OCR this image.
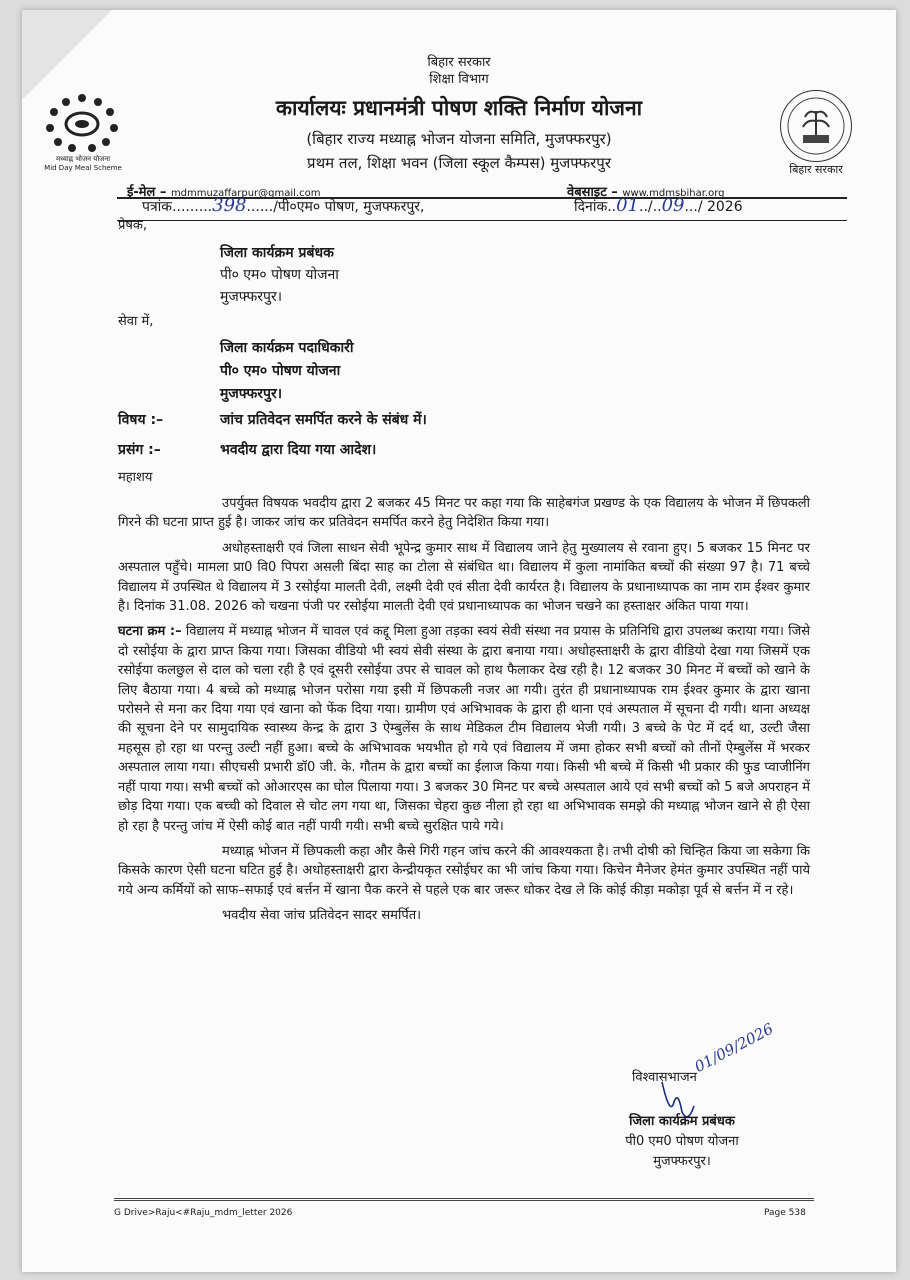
मध्याह्न भोजन योजना
Mid Day Meal Scheme	बिहार सरकार
बिहार सरकार
शिक्षा विभाग
कार्यालयः प्रधानमंत्री पोषण शक्ति निर्माण योजना
(बिहार राज्य मध्याह्न भोजन योजना समिति, मुजफ्फरपुर)
प्रथम तल, शिक्षा भवन (जिला स्कूल कैम्पस) मुजफ्फरपुर
ई-मेल – mdmmuzaffarpur@gmail.com	वेबसाइट – www.mdmsbihar.org
पत्रांक.........398....../पी०एम० पोषण, मुजफ्फरपुर,	दिनांक..01../..09.../ 2026
प्रेषक,
जिला कार्यक्रम प्रबंधक
पी० एम० पोषण योजना
मुजफ्फरपुर।
सेवा में,
जिला कार्यक्रम पदाधिकारी
पी० एम० पोषण योजना
मुजफ्फरपुर।
विषय :–	जांच प्रतिवेदन समर्पित करने के संबंध में।
प्रसंग :–	भवदीय द्वारा दिया गया आदेश।
महाशय

उपर्युक्त विषयक भवदीय द्वारा 2 बजकर 45 मिनट पर कहा गया कि साहेबगंज प्रखण्ड के एक विद्यालय के भोजन में छिपकली गिरने की घटना प्राप्त हुई है। जाकर जांच कर प्रतिवेदन समर्पित करने हेतु निदेशित किया गया।

अधोहस्ताक्षरी एवं जिला साधन सेवी भूपेन्द्र कुमार साथ में विद्यालय जाने हेतु मुख्यालय से रवाना हुए। 5 बजकर 15 मिनट पर अस्पताल पहुँचे। मामला प्रा0 वि0 पिपरा असली बिंदा साह का टोला से संबंधित था। विद्यालय में कुला नामांकित बच्चों की संख्या 97 है। 71 बच्चे विद्यालय में उपस्थित थे विद्यालय में 3 रसोईया मालती देवी, लक्ष्मी देवी एवं सीता देवी कार्यरत है। विद्यालय के प्रधानाध्यापक का नाम राम ईश्वर कुमार है। दिनांक 31.08. 2026 को चखना पंजी पर रसोईया मालती देवी एवं प्रधानाध्यापक का भोजन चखने का हस्ताक्षर अंकित पाया गया।

घटना क्रम :– विद्यालय में मध्याह्न भोजन में चावल एवं कद्दू मिला हुआ तड़का स्वयं सेवी संस्था नव प्रयास के प्रतिनिधि द्वारा उपलब्ध कराया गया। जिसे दो रसोईया के द्वारा प्राप्त किया गया। जिसका वीडियो भी स्वयं सेवी संस्था के द्वारा बनाया गया। अधोहस्ताक्षरी के द्वारा वीडियो देखा गया जिसमें एक रसोईया कलछुल से दाल को चला रही है एवं दूसरी रसोईया उपर से चावल को हाथ फैलाकर देख रही है। 12 बजकर 30 मिनट में बच्चों को खाने के लिए बैठाया गया। 4 बच्चे को मध्याह्न भोजन परोसा गया इसी में छिपकली नजर आ गयी। तुरंत ही प्रधानाध्यापक राम ईश्वर कुमार के द्वारा खाना परोसने से मना कर दिया गया एवं खाना को फेंक दिया गया। ग्रामीण एवं अभिभावक के द्वारा ही थाना एवं अस्पताल में सूचना दी गयी। थाना अध्यक्ष की सूचना देने पर सामुदायिक स्वास्थ्य केन्द्र के द्वारा 3 ऐम्बुलेंस के साथ मेडिकल टीम विद्यालय भेजी गयी। 3 बच्चे के पेट में दर्द था, उल्टी जैसा महसूस हो रहा था परन्तु उल्टी नहीं हुआ। बच्चे के अभिभावक भयभीत हो गये एवं विद्यालय में जमा होकर सभी बच्चों को तीनों ऐम्बुलेंस में भरकर अस्पताल लाया गया। सीएचसी प्रभारी डॉ0 जी. के. गौतम के द्वारा बच्चों का ईलाज किया गया। किसी भी बच्चे में किसी भी प्रकार की फुड प्वाजीनिंग नहीं पाया गया। सभी बच्चों को ओआरएस का घोल पिलाया गया। 3 बजकर 30 मिनट पर बच्चे अस्पताल आये एवं सभी बच्चों को 5 बजे अपराहन में छोड़ दिया गया। एक बच्ची को दिवाल से चोट लग गया था, जिसका चेहरा कुछ नीला हो रहा था अभिभावक समझे की मध्याह्न भोजन खाने से ही ऐसा हो रहा है परन्तु जांच में ऐसी कोई बात नहीं पायी गयी। सभी बच्चे सुरक्षित पाये गये।

मध्याह्न भोजन में छिपकली कहा और कैसे गिरी गहन जांच करने की आवश्यकता है। तभी दोषी को चिन्हित किया जा सकेगा कि किसके कारण ऐसी घटना घटित हुई है। अधोहस्ताक्षरी द्वारा केन्द्रीयकृत रसोईघर का भी जांच किया गया। किचेन मैनेजर हेमंत कुमार उपस्थित नहीं पाये गये अन्य कर्मियों को साफ–सफाई एवं बर्त्तन में खाना पैक करने से पहले एक बार जरूर धोकर देख ले कि कोई कीड़ा मकोड़ा पूर्व से बर्त्तन में न रहे।

भवदीय सेवा जांच प्रतिवेदन सादर समर्पित।

विश्वासभाजन
01/09/2026
जिला कार्यक्रम प्रबंधक
पी0 एम0 पोषण योजना
मुजफ्फरपुर।
G Drive>Raju<#Raju_mdm_letter 2026	Page 538
